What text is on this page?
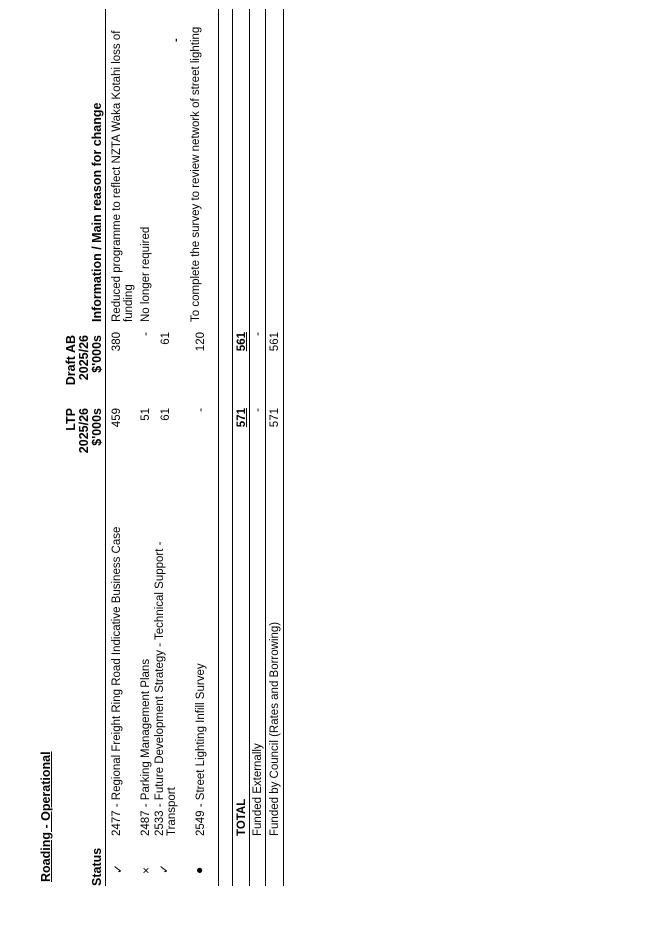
Roading - Operational	Status
LTP 2025/26 $'000s
Draft AB 2025/26 $'000s
Information / Main reason for change
✓
2477 - Regional Freight Ring Road Indicative Business Case
459
380
Reduced programme to reflect NZTA Waka Kotahi loss of funding
×
2487 - Parking Management Plans
51
-
No longer required
✓
2533 - Future Development Strategy - Technical Support - Transport
61
61
●
2549 - Street Lighting Infill Survey
-
120
To complete the survey to review network of street lighting
TOTAL
571
561
Funded Externally
-
-
Funded by Council (Rates and Borrowing)
571
561
-
